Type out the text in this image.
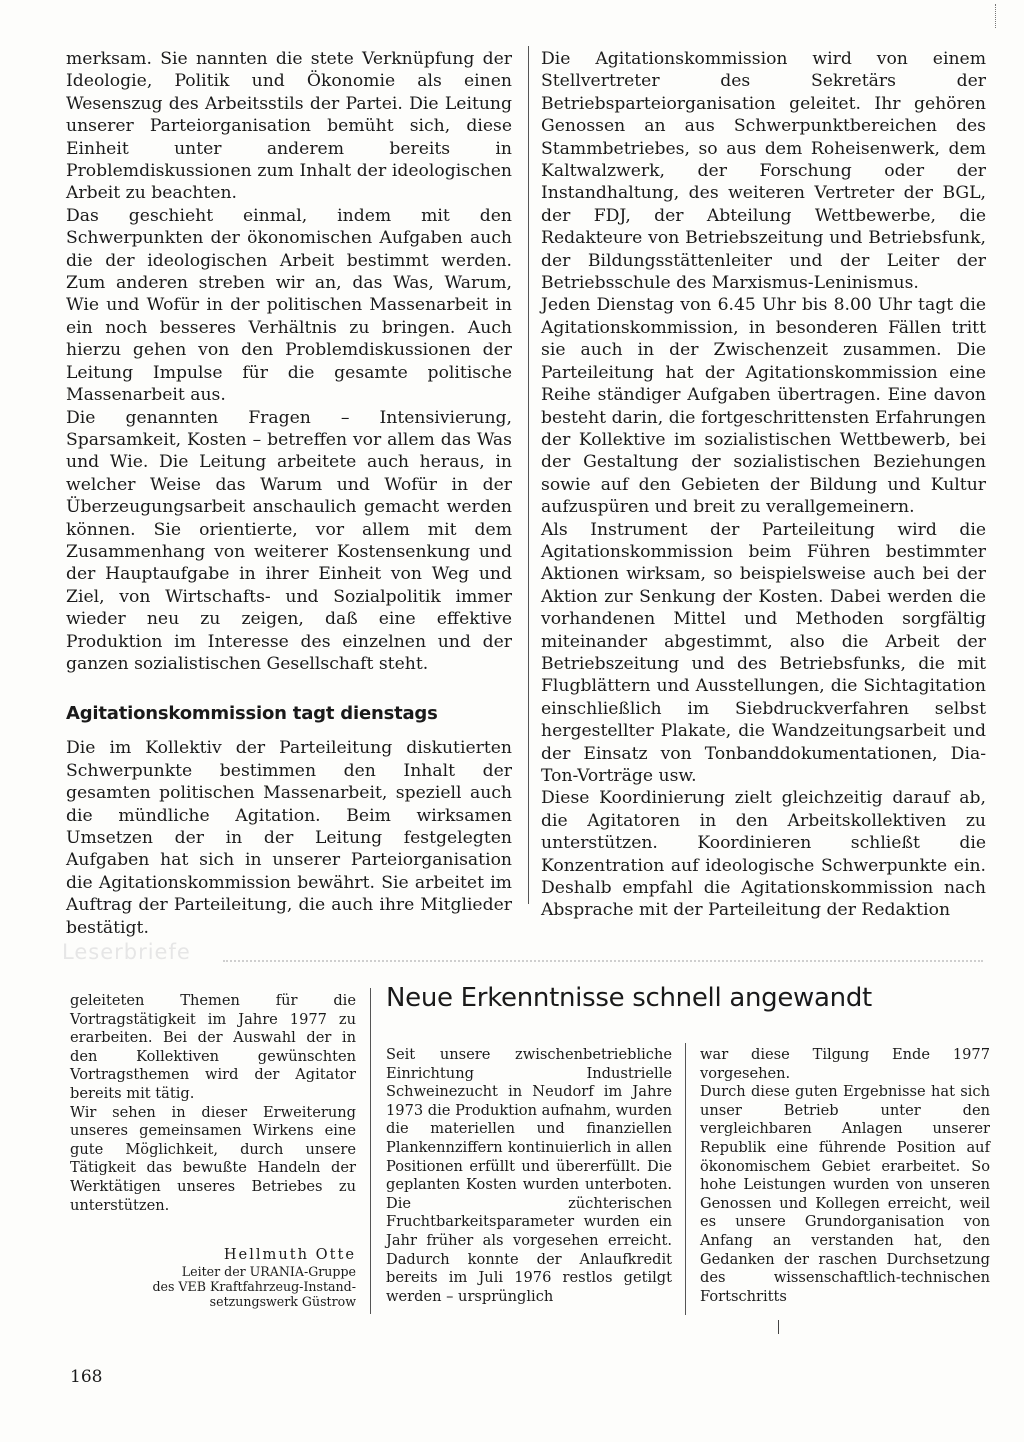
merksam. Sie nannten die stete Verknüpfung der Ideologie, Politik und Ökonomie als einen Wesenszug des Arbeitsstils der Partei. Die Leitung unserer Parteiorganisation bemüht sich, diese Einheit unter anderem bereits in Problemdiskussionen zum Inhalt der ideologischen Arbeit zu beachten.

Das geschieht einmal, indem mit den Schwerpunkten der ökonomischen Aufgaben auch die der ideologischen Arbeit bestimmt werden. Zum anderen streben wir an, das Was, Warum, Wie und Wofür in der politischen Massenarbeit in ein noch besseres Verhältnis zu bringen. Auch hierzu gehen von den Problemdiskussionen der Leitung Impulse für die gesamte politische Massenarbeit aus.

Die genannten Fragen – Intensivierung, Sparsamkeit, Kosten – betreffen vor allem das Was und Wie. Die Leitung arbeitete auch heraus, in welcher Weise das Warum und Wofür in der Überzeugungsarbeit anschaulich gemacht werden können. Sie orientierte, vor allem mit dem Zusammenhang von weiterer Kostensenkung und der Hauptaufgabe in ihrer Einheit von Weg und Ziel, von Wirtschafts- und Sozialpolitik immer wieder neu zu zeigen, daß eine effektive Produktion im Interesse des einzelnen und der ganzen sozialistischen Gesellschaft steht.

Agitationskommission tagt dienstags

Die im Kollektiv der Parteileitung diskutierten Schwerpunkte bestimmen den Inhalt der gesamten politischen Massenarbeit, speziell auch die mündliche Agitation. Beim wirksamen Umsetzen der in der Leitung festgelegten Aufgaben hat sich in unserer Parteiorganisation die Agitationskommission bewährt. Sie arbeitet im Auftrag der Parteileitung, die auch ihre Mitglieder bestätigt.

Die Agitationskommission wird von einem Stellvertreter des Sekretärs der Betriebsparteiorganisation geleitet. Ihr gehören Genossen an aus Schwerpunktbereichen des Stammbetriebes, so aus dem Roheisenwerk, dem Kaltwalzwerk, der Forschung oder der Instandhaltung, des weiteren Vertreter der BGL, der FDJ, der Abteilung Wettbewerbe, die Redakteure von Betriebszeitung und Betriebsfunk, der Bildungsstättenleiter und der Leiter der Betriebsschule des Marxismus-Leninismus.

Jeden Dienstag von 6.45 Uhr bis 8.00 Uhr tagt die Agitationskommission, in besonderen Fällen tritt sie auch in der Zwischenzeit zusammen. Die Parteileitung hat der Agitationskommission eine Reihe ständiger Aufgaben übertragen. Eine davon besteht darin, die fortgeschrittensten Erfahrungen der Kollektive im sozialistischen Wettbewerb, bei der Gestaltung der sozialistischen Beziehungen sowie auf den Gebieten der Bildung und Kultur aufzuspüren und breit zu verallgemeinern.

Als Instrument der Parteileitung wird die Agitationskommission beim Führen bestimmter Aktionen wirksam, so beispielsweise auch bei der Aktion zur Senkung der Kosten. Dabei werden die vorhandenen Mittel und Methoden sorgfältig miteinander abgestimmt, also die Arbeit der Betriebszeitung und des Betriebsfunks, die mit Flugblättern und Ausstellungen, die Sichtagitation einschließlich im Siebdruckverfahren selbst hergestellter Plakate, die Wandzeitungsarbeit und der Einsatz von Tonbanddokumentationen, Dia-Ton-Vorträge usw.

Diese Koordinierung zielt gleichzeitig darauf ab, die Agitatoren in den Arbeitskollektiven zu unterstützen. Koordinieren schließt die Konzentration auf ideologische Schwerpunkte ein. Deshalb empfahl die Agitationskommission nach Absprache mit der Parteileitung der Redaktion

Leserbriefe

geleiteten Themen für die Vortragstätigkeit im Jahre 1977 zu erarbeiten. Bei der Auswahl der in den Kollektiven gewünschten Vortragsthemen wird der Agitator bereits mit tätig.

Wir sehen in dieser Erweiterung unseres gemeinsamen Wirkens eine gute Möglichkeit, durch unsere Tätigkeit das bewußte Handeln der Werktätigen unseres Betriebes zu unterstützen.

Hellmuth Otte

Leiter der URANIA-Gruppe
des VEB Kraftfahrzeug-Instand-
setzungswerk Güstrow

Neue Erkenntnisse schnell angewandt

Seit unsere zwischenbetriebliche Einrichtung Industrielle Schweinezucht in Neudorf im Jahre 1973 die Produktion aufnahm, wurden die materiellen und finanziellen Plankennziffern kontinuierlich in allen Positionen erfüllt und übererfüllt. Die geplanten Kosten wurden unterboten. Die züchterischen Fruchtbarkeitsparameter wurden ein Jahr früher als vorgesehen erreicht. Dadurch konnte der Anlaufkredit bereits im Juli 1976 restlos getilgt werden – ursprünglich

war diese Tilgung Ende 1977 vorgesehen.

Durch diese guten Ergebnisse hat sich unser Betrieb unter den vergleichbaren Anlagen unserer Republik eine führende Position auf ökonomischem Gebiet erarbeitet. So hohe Leistungen wurden von unseren Genossen und Kollegen erreicht, weil es unsere Grundorganisation von Anfang an verstanden hat, den Gedanken der raschen Durchsetzung des wissenschaftlich-technischen Fortschritts

168
